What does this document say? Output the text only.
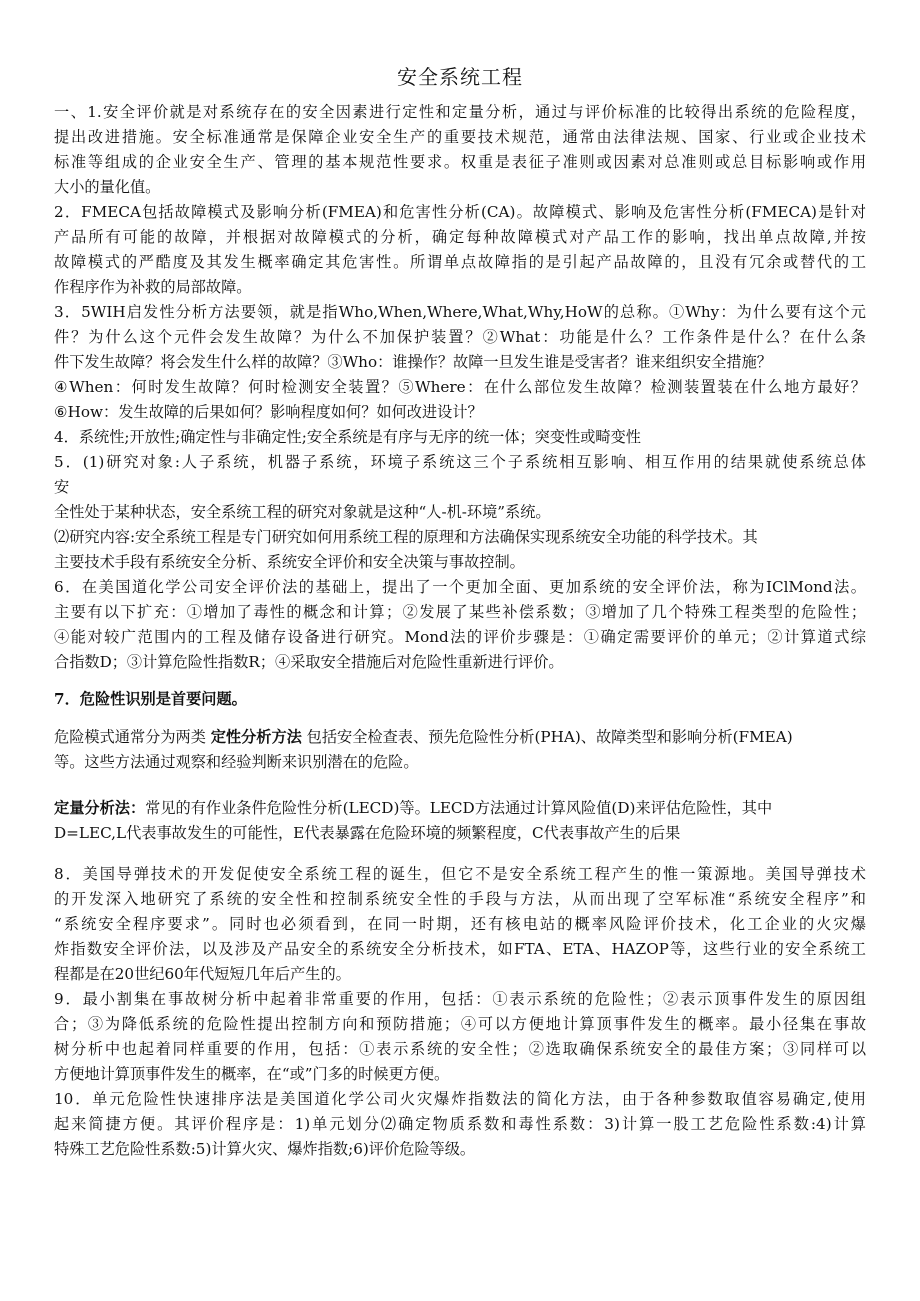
安全系统工程
一、1.安全评价就是对系统存在的安全因素进行定性和定量分析，通过与评价标准的比较得出系统的危险程度，
提出改进措施。安全标准通常是保障企业安全生产的重要技术规范，通常由法律法规、国家、行业或企业技术
标准等组成的企业安全生产、管理的基本规范性要求。权重是表征子准则或因素对总准则或总目标影响或作用
大小的量化值。
2．FMECA包括故障模式及影响分析(FMEA)和危害性分析(CA)。故障模式、影响及危害性分析(FMECA)是针对
产品所有可能的故障，并根据对故障模式的分析，确定每种故障模式对产品工作的影响，找出单点故障,并按
故障模式的严酷度及其发生概率确定其危害性。所谓单点故障指的是引起产品故障的，且没有冗余或替代的工
作程序作为补救的局部故障。
3．5WIH启发性分析方法要领，就是指Who,When,Where,What,Why,HoW的总称。①Why：为什么要有这个元
件？为什么这个元件会发生故障？为什么不加保护装置？②What：功能是什么？工作条件是什么？在什么条
件下发生故障？将会发生什么样的故障？③Who：谁操作？故障一旦发生谁是受害者？谁来组织安全措施？
④When：何时发生故障？何时检测安全装置？⑤Where：在什么部位发生故障？检测装置装在什么地方最好？
⑥How：发生故障的后果如何？影响程度如何？如何改进设计？
4．系统性;开放性;确定性与非确定性;安全系统是有序与无序的统一体；突变性或畸变性
5．(1)研究对象:人子系统，机器子系统，环境子系统这三个子系统相互影响、相互作用的结果就使系统总体
安
全性处于某种状态，安全系统工程的研究对象就是这种“人-机-环境”系统。
⑵研究内容:安全系统工程是专门研究如何用系统工程的原理和方法确保实现系统安全功能的科学技术。其
主要技术手段有系统安全分析、系统安全评价和安全决策与事故控制。
6．在美国道化学公司安全评价法的基础上，提出了一个更加全面、更加系统的安全评价法，称为IClMond法。
主要有以下扩充：①增加了毒性的概念和计算；②发展了某些补偿系数；③增加了几个特殊工程类型的危险性；
④能对较广范围内的工程及储存设备进行研究。Mond法的评价步骤是：①确定需要评价的单元；②计算道式综
合指数D；③计算危险性指数R；④采取安全措施后对危险性重新进行评价。
7．危险性识别是首要问题。
危险模式通常分为两类 定性分析方法 包括安全检查表、预先危险性分析(PHA)、故障类型和影响分析(FMEA)
等。这些方法通过观察和经验判断来识别潜在的危险。
定量分析法：常见的有作业条件危险性分析(LECD)等。LECD方法通过计算风险值(D)来评估危险性，其中
D=LEC,L代表事故发生的可能性，E代表暴露在危险环境的频繁程度，C代表事故产生的后果
8．美国导弹技术的开发促使安全系统工程的诞生，但它不是安全系统工程产生的惟一策源地。美国导弹技术
的开发深入地研究了系统的安全性和控制系统安全性的手段与方法，从而出现了空军标准“系统安全程序”和
“系统安全程序要求”。同时也必须看到，在同一时期，还有核电站的概率风险评价技术，化工企业的火灾爆
炸指数安全评价法，以及涉及产品安全的系统安全分析技术，如FTA、ETA、HAZOP等，这些行业的安全系统工
程都是在20世纪60年代短短几年后产生的。
9．最小割集在事故树分析中起着非常重要的作用，包括：①表示系统的危险性；②表示顶事件发生的原因组
合；③为降低系统的危险性提出控制方向和预防措施；④可以方便地计算顶事件发生的概率。最小径集在事故
树分析中也起着同样重要的作用，包括：①表示系统的安全性；②选取确保系统安全的最佳方案；③同样可以
方便地计算顶事件发生的概率，在“或”门多的时候更方便。
10．单元危险性快速排序法是美国道化学公司火灾爆炸指数法的简化方法，由于各种参数取值容易确定,使用
起来简捷方便。其评价程序是：1)单元划分⑵确定物质系数和毒性系数：3)计算一股工艺危险性系数:4)计算
特殊工艺危险性系数:5)计算火灾、爆炸指数;6)评价危险等级。
